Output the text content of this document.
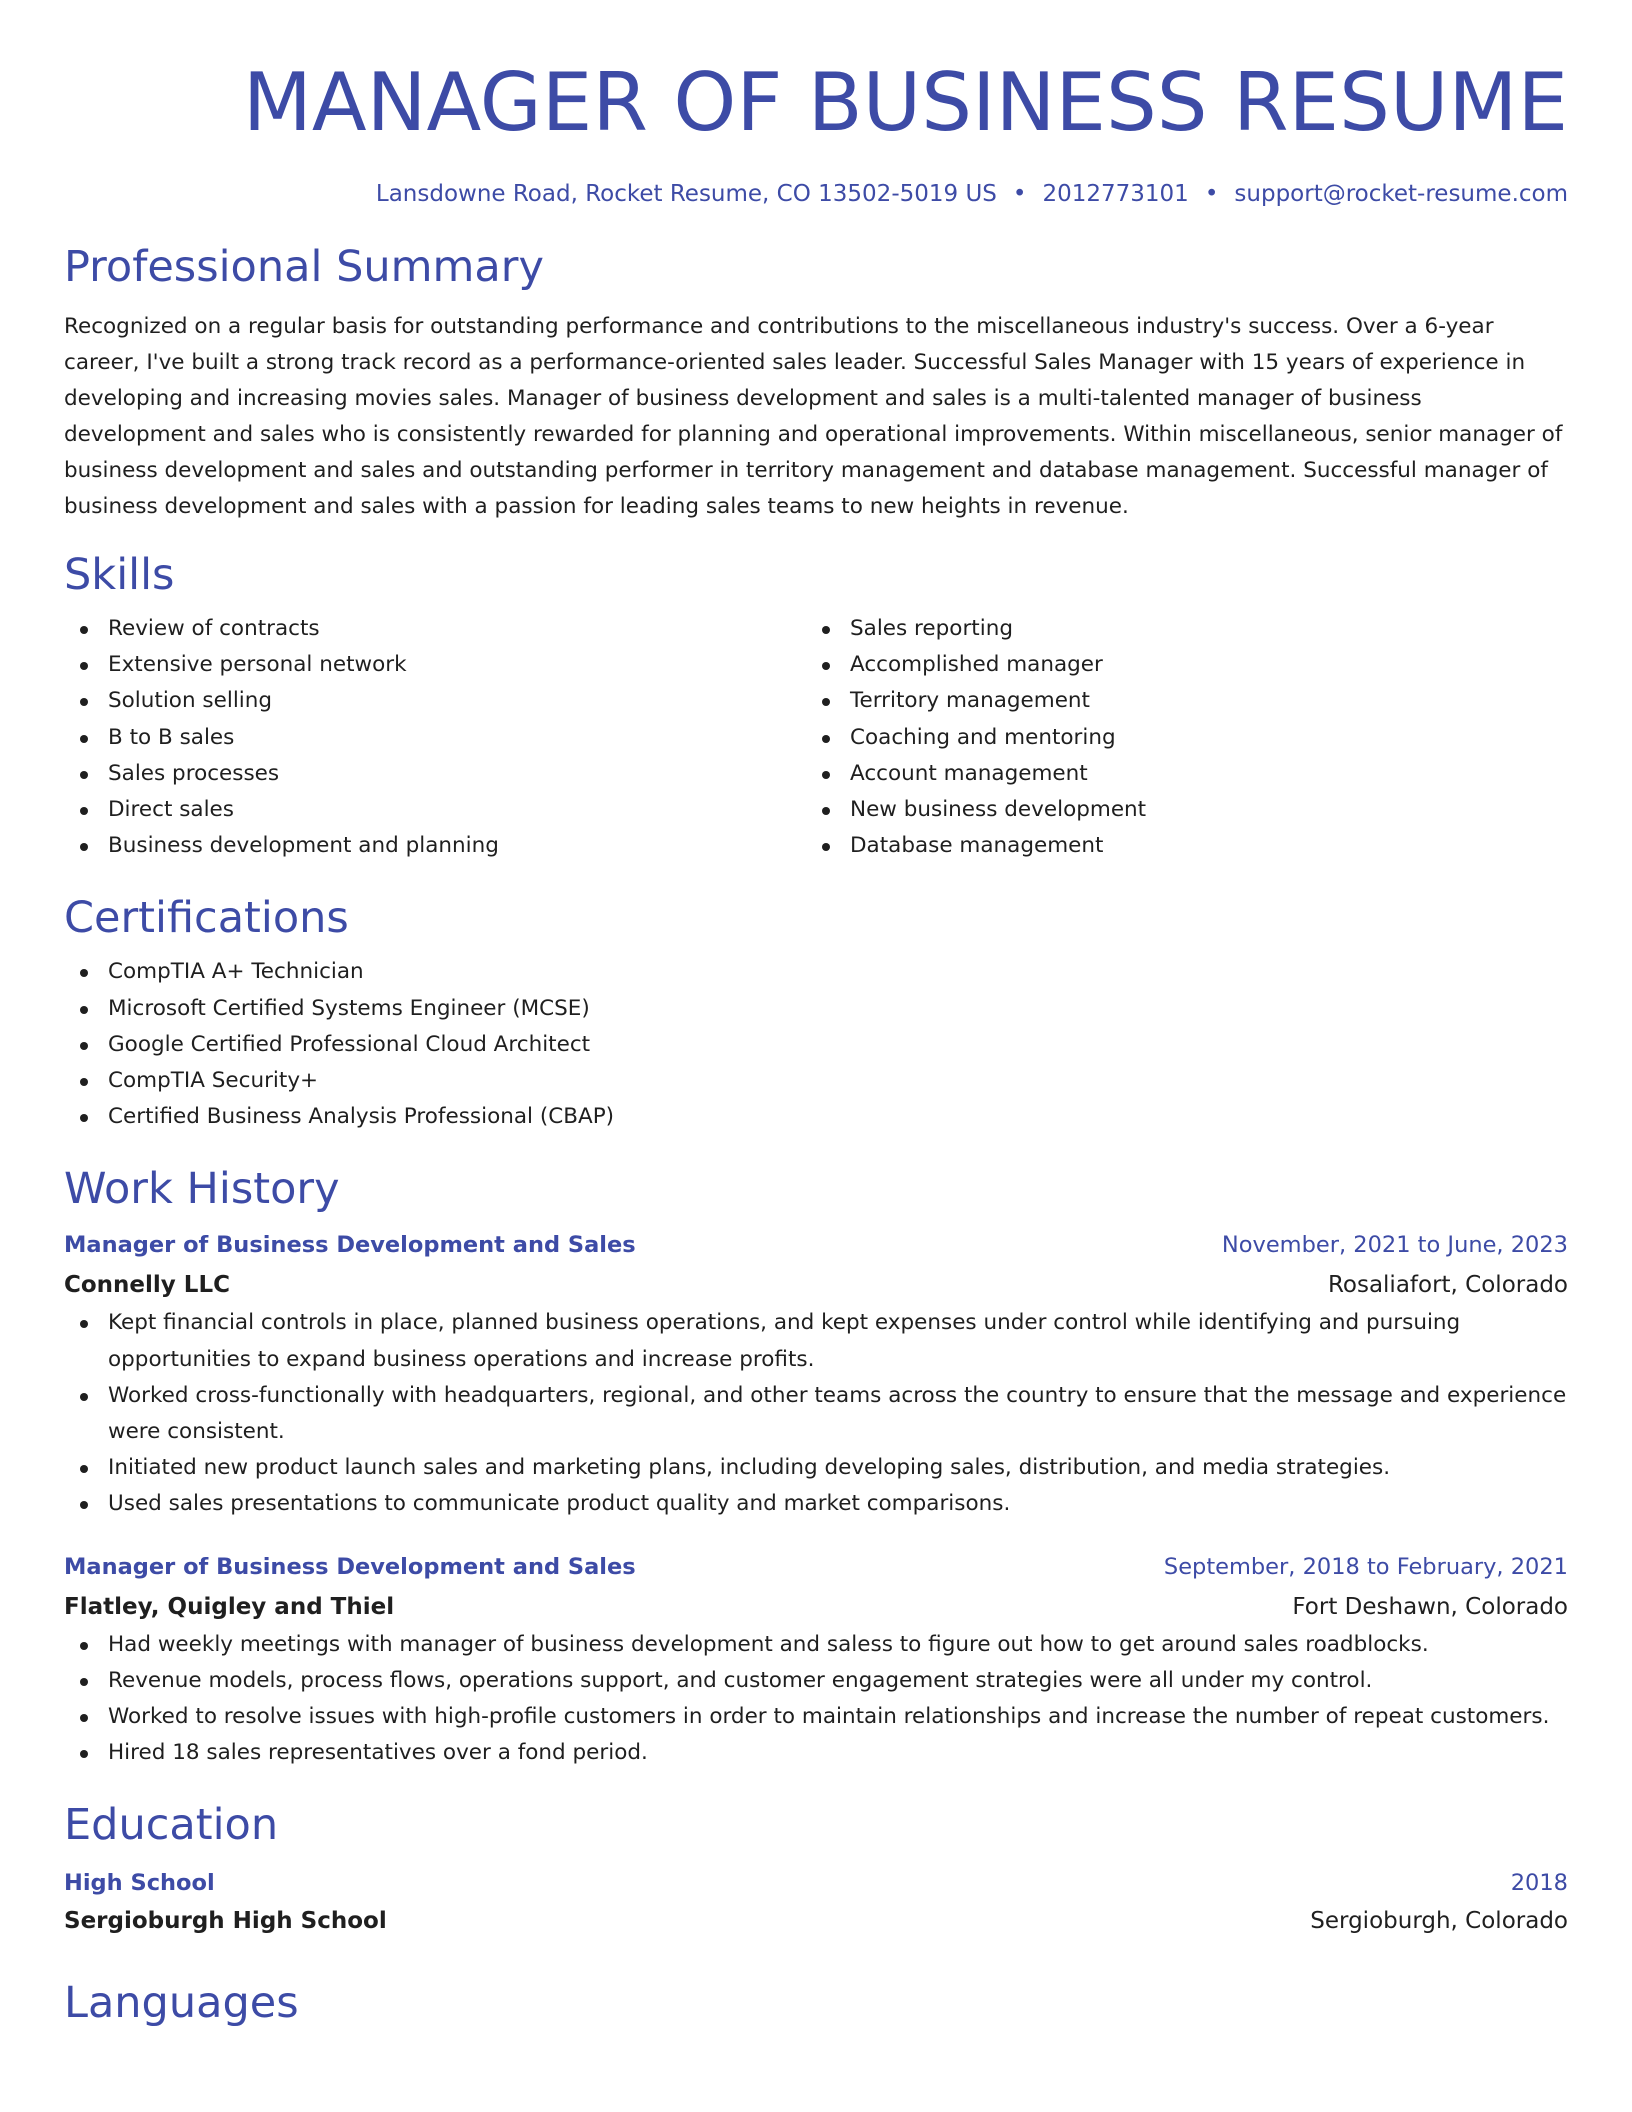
MANAGER OF BUSINESS RESUME
Lansdowne Road, Rocket Resume, CO 13502-5019 US • 2012773101 • support@rocket-resume.com
Professional Summary

Recognized on a regular basis for outstanding performance and contributions to the miscellaneous industry's success. Over a 6-year career, I've built a strong track record as a performance-oriented sales leader. Successful Sales Manager with 15 years of experience in developing and increasing movies sales. Manager of business development and sales is a multi-talented manager of business development and sales who is consistently rewarded for planning and operational improvements. Within miscellaneous, senior manager of business development and sales and outstanding performer in territory management and database management. Successful manager of business development and sales with a passion for leading sales teams to new heights in revenue.

Skills
Review of contracts
Extensive personal network
Solution selling
B to B sales
Sales processes
Direct sales
Business development and planning
Sales reporting
Accomplished manager
Territory management
Coaching and mentoring
Account management
New business development
Database management
Certifications
CompTIA A+ Technician
Microsoft Certified Systems Engineer (MCSE)
Google Certified Professional Cloud Architect
CompTIA Security+
Certified Business Analysis Professional (CBAP)
Work History
Manager of Business Development and Sales	November, 2021 to June, 2023
Connelly LLC	Rosaliafort, Colorado
Kept financial controls in place, planned business operations, and kept expenses under control while identifying and pursuing opportunities to expand business operations and increase profits.
Worked cross-functionally with headquarters, regional, and other teams across the country to ensure that the message and experience were consistent.
Initiated new product launch sales and marketing plans, including developing sales, distribution, and media strategies.
Used sales presentations to communicate product quality and market comparisons.
Manager of Business Development and Sales	September, 2018 to February, 2021
Flatley, Quigley and Thiel	Fort Deshawn, Colorado
Had weekly meetings with manager of business development and saless to figure out how to get around sales roadblocks.
Revenue models, process flows, operations support, and customer engagement strategies were all under my control.
Worked to resolve issues with high-profile customers in order to maintain relationships and increase the number of repeat customers.
Hired 18 sales representatives over a fond period.
Education
High School	2018
Sergioburgh High School	Sergioburgh, Colorado
Languages
